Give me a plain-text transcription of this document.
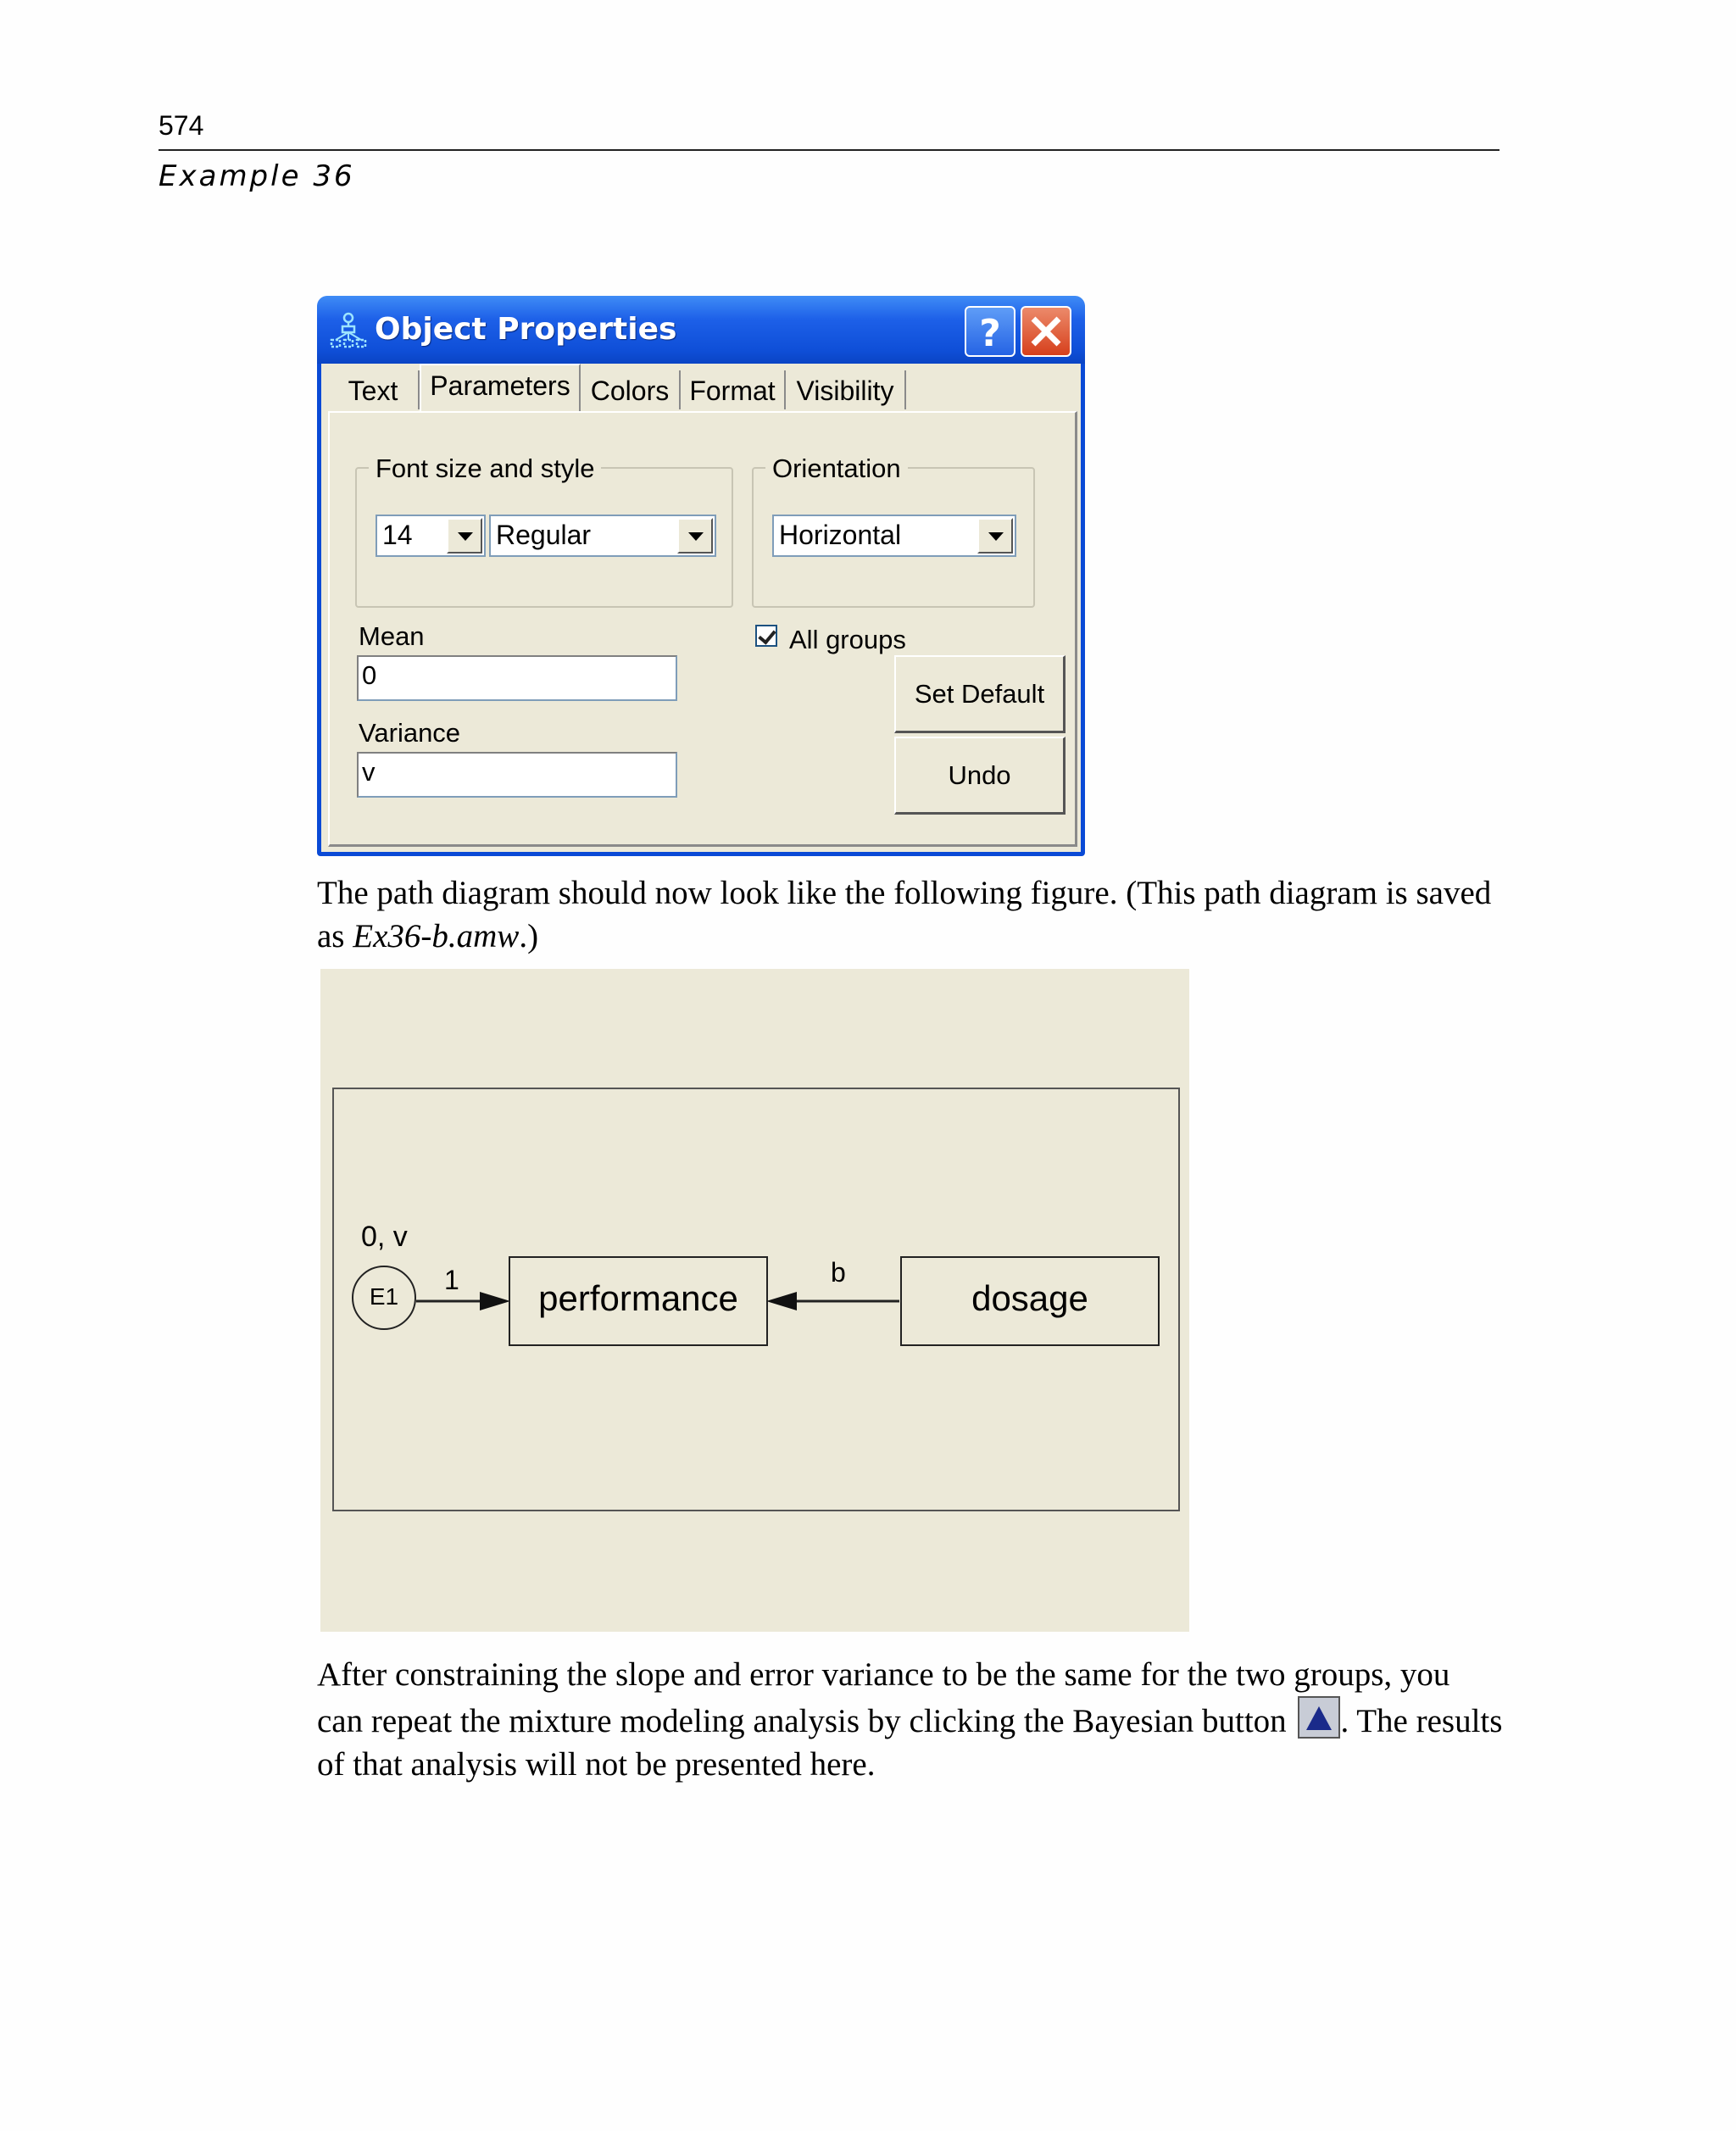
574
Example 36
Object Properties	?
Text	Parameters Colors Format Visibility
Font size and style
14	Regular
Orientation
Horizontal
Mean
0
Variance
v
All groups
Set Default
Undo
The path diagram should now look like the following figure. (This path diagram is saved as Ex36-b.amw.)
0, v
E1
1	performance
b
dosage
After constraining the slope and error variance to be the same for the two groups, you can repeat the mixture modeling analysis by clicking the Bayesian button . The results of that analysis will not be presented here.
